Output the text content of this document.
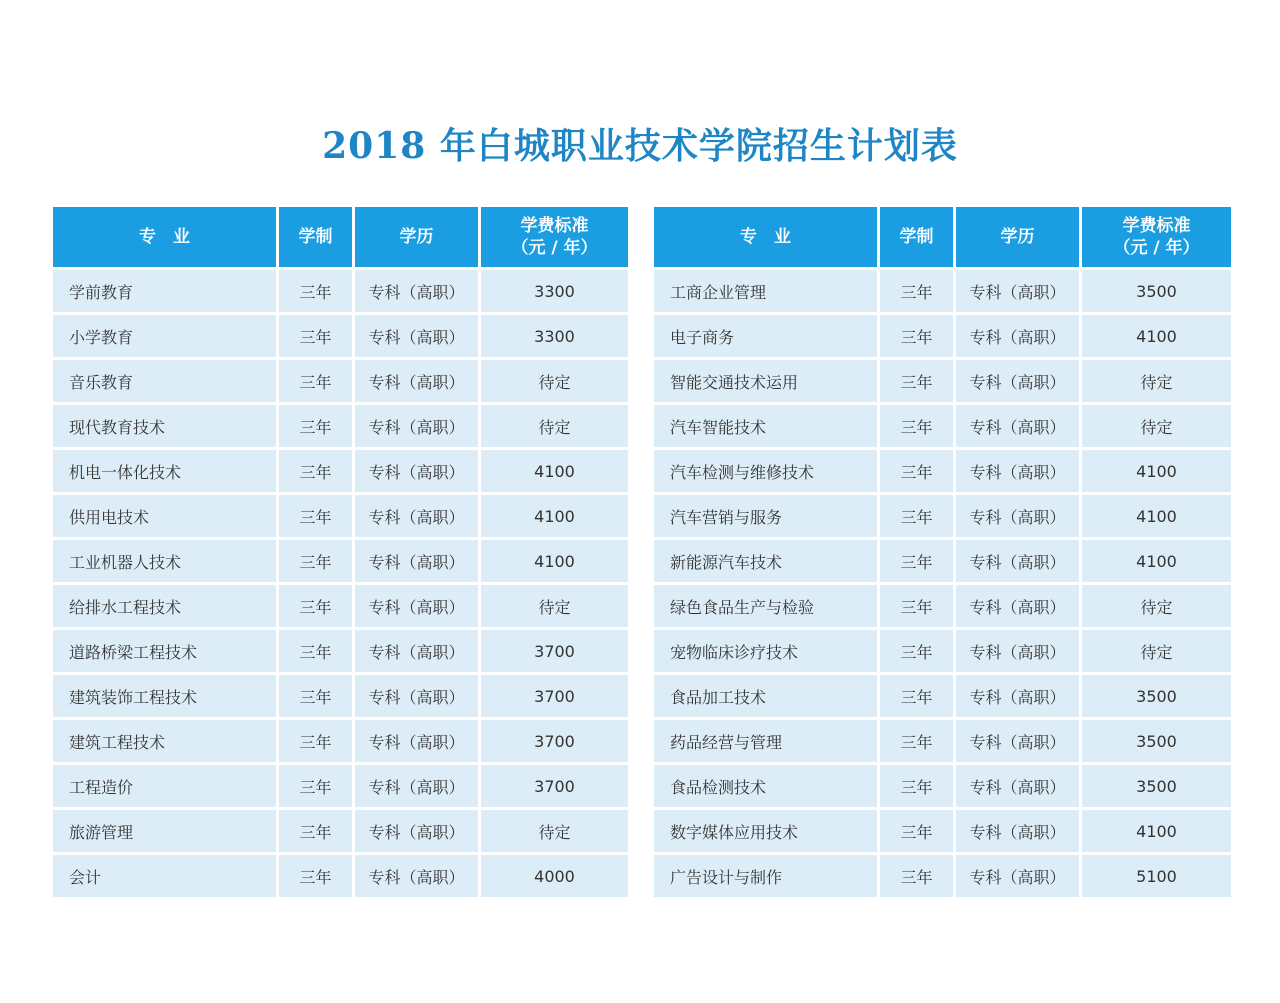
2018 年白城职业技术学院招生计划表
专　业	学制	学历	学费标准
（元 / 年）

学前教育	三年	专科（高职）	3300
小学教育	三年	专科（高职）	3300
音乐教育	三年	专科（高职）	待定
现代教育技术	三年	专科（高职）	待定
机电一体化技术	三年	专科（高职）	4100
供用电技术	三年	专科（高职）	4100
工业机器人技术	三年	专科（高职）	4100
给排水工程技术	三年	专科（高职）	待定
道路桥梁工程技术	三年	专科（高职）	3700
建筑装饰工程技术	三年	专科（高职）	3700
建筑工程技术	三年	专科（高职）	3700
工程造价	三年	专科（高职）	3700
旅游管理	三年	专科（高职）	待定
会计	三年	专科（高职）	4000
专　业	学制	学历	学费标准
（元 / 年）

工商企业管理	三年	专科（高职）	3500
电子商务	三年	专科（高职）	4100
智能交通技术运用	三年	专科（高职）	待定
汽车智能技术	三年	专科（高职）	待定
汽车检测与维修技术	三年	专科（高职）	4100
汽车营销与服务	三年	专科（高职）	4100
新能源汽车技术	三年	专科（高职）	4100
绿色食品生产与检验	三年	专科（高职）	待定
宠物临床诊疗技术	三年	专科（高职）	待定
食品加工技术	三年	专科（高职）	3500
药品经营与管理	三年	专科（高职）	3500
食品检测技术	三年	专科（高职）	3500
数字媒体应用技术	三年	专科（高职）	4100
广告设计与制作	三年	专科（高职）	5100
